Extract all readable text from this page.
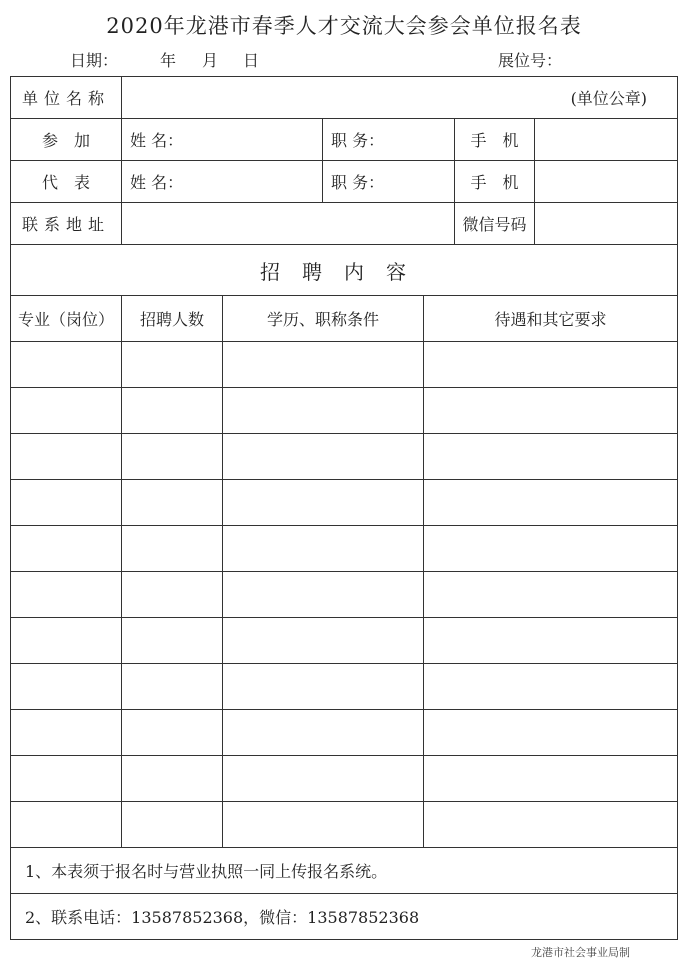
2020年龙港市春季人才交流大会参会单位报名表
日期：	年 月 日	展位号：
单位名称	(单位公章)					
参　加	姓 名：		职 务：		手　机	
代　表	姓 名：		职 务：		手　机	
联系地址					微信号码	
招聘内容						
专业（岗位）	招聘人数	学历、职称条件		待遇和其它要求		

1、本表须于报名时与营业执照一同上传报名系统。						
2、联系电话：13587852368，微信：13587852368						
龙港市社会事业局制
